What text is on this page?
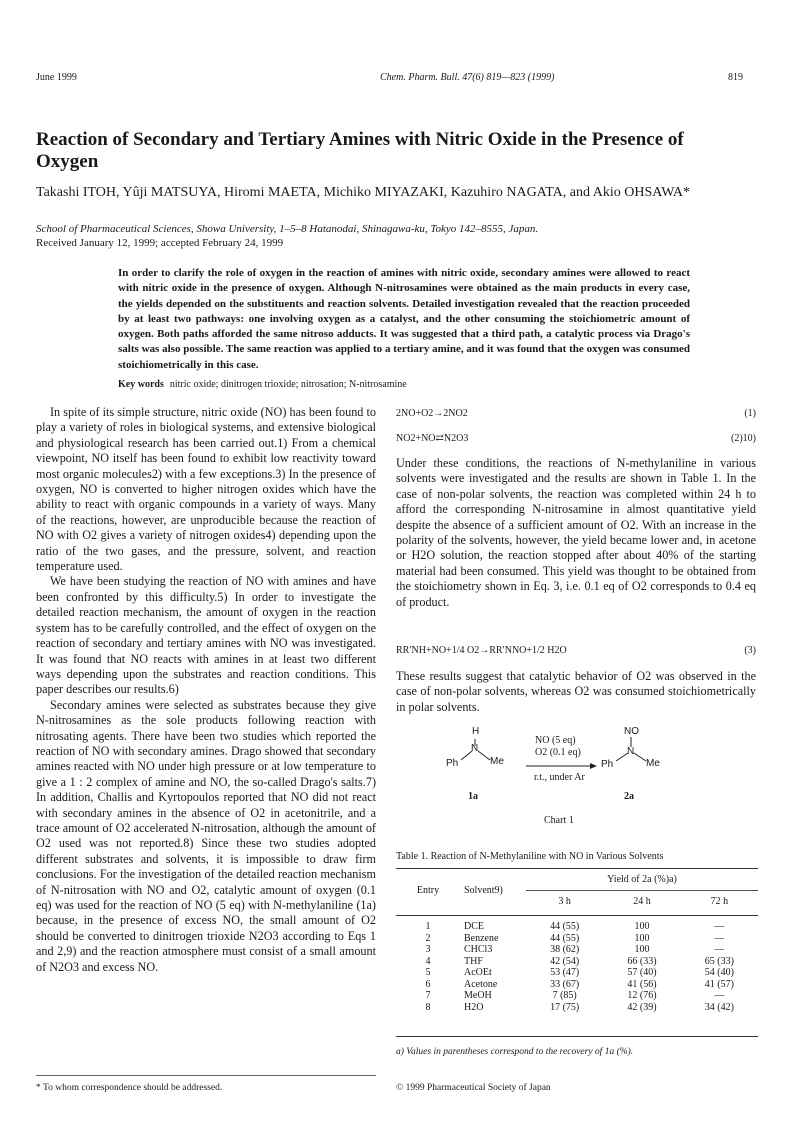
June 1999	Chem. Pharm. Bull. 47(6) 819—823 (1999)	819
Reaction of Secondary and Tertiary Amines with Nitric Oxide in the Presence of Oxygen
Takashi ITOH, Yûji MATSUYA, Hiromi MAETA, Michiko MIYAZAKI, Kazuhiro NAGATA, and Akio OHSAWA*
School of Pharmaceutical Sciences, Showa University, 1–5–8 Hatanodai, Shinagawa-ku, Tokyo 142–8555, Japan.
Received January 12, 1999; accepted February 24, 1999
In order to clarify the role of oxygen in the reaction of amines with nitric oxide, secondary amines were allowed to react with nitric oxide in the presence of oxygen. Although N-nitrosamines were obtained as the main products in every case, the yields depended on the substituents and reaction solvents. Detailed investigation revealed that the reaction proceeded by at least two pathways: one involving oxygen as a catalyst, and the other consuming the stoichiometric amount of oxygen. Both paths afforded the same nitroso adducts. It was suggested that a third path, a catalytic process via Drago's salts was also possible. The same reaction was applied to a tertiary amine, and it was found that the oxygen was consumed stoichiometrically in this case.
Key words nitric oxide; dinitrogen trioxide; nitrosation; N-nitrosamine

In spite of its simple structure, nitric oxide (NO) has been found to play a variety of roles in biological systems, and extensive biological and physiological research has been carried out.1) From a chemical viewpoint, NO itself has been found to exhibit low reactivity toward most organic molecules2) with a few exceptions.3) In the presence of oxygen, NO is converted to higher nitrogen oxides which have the ability to react with organic compounds in a variety of ways. Many of the reactions, however, are unproducible because the reaction of NO with O2 gives a variety of nitrogen oxides4) depending upon the ratio of the two gases, and the pressure, solvent, and reaction temperature used.

We have been studying the reaction of NO with amines and have been confronted by this difficulty.5) In order to investigate the detailed reaction mechanism, the amount of oxygen in the reaction system has to be carefully controlled, and the effect of oxygen on the reaction of secondary and tertiary amines with NO was investigated. It was found that NO reacts with amines in at least two different ways depending upon the substrates and reaction conditions. This paper describes our results.6)

Secondary amines were selected as substrates because they give N-nitrosamines as the sole products following reaction with nitrosating agents. There have been two studies which reported the reaction of NO with secondary amines. Drago showed that secondary amines reacted with NO under high pressure or at low temperature to give a 1 : 2 complex of amine and NO, the so-called Drago's salts.7) In addition, Challis and Kyrtopoulos reported that NO did not react with secondary amines in the absence of O2 in acetonitrile, and a trace amount of O2 accelerated N-nitrosation, although the amount of O2 used was not reported.8) Since these two studies adopted different substrates and solvents, it is impossible to draw firm conclusions. For the investigation of the detailed reaction mechanism of N-nitrosation with NO and O2, catalytic amount of oxygen (0.1 eq) was used for the reaction of NO (5 eq) with N-methylaniline (1a) because, in the presence of excess NO, the small amount of O2 should be converted to dinitrogen trioxide N2O3 according to Eqs 1 and 2,9) and the reaction atmosphere must consist of a small amount of N2O3 and excess NO.

* To whom correspondence should be addressed.
2NO+O2→2NO2	(1)
NO2+NO⇄N2O3	(2)10)
Under these conditions, the reactions of N-methylaniline in various solvents were investigated and the results are shown in Table 1. In the case of non-polar solvents, the reaction was completed within 24 h to afford the corresponding N-nitrosamine in almost quantitative yield despite the absence of a sufficient amount of O2. With an increase in the polarity of the solvents, however, the yield became lower and, in acetone or H2O solution, the reaction stopped after about 40% of the starting material had been consumed. This yield was thought to be obtained from the stoichiometry shown in Eq. 3, i.e. 0.1 eq of O2 corresponds to 0.4 eq of product.
RR′NH+NO+1/4 O2→RR′NNO+1/2 H2O	(3)
These results suggest that catalytic behavior of O2 was observed in the case of non-polar solvents, whereas O2 was consumed stoichiometrically in polar solvents.
H
N
Ph	Me
NO (5 eq)
O2 (0.1 eq)
r.t., under Ar
NO
N
Ph	Me
1a	2a
Chart 1
Table 1. Reaction of N-Methylaniline with NO in Various Solvents
Entry	Solvent9)	Yield of 2a (%)a)		
		3 h	24 h	72 h

1	DCE	44 (55)	100	—
2	Benzene	44 (55)	100	—
3	CHCl3	38 (62)	100	—
4	THF	42 (54)	66 (33)	65 (33)
5	AcOEt	53 (47)	57 (40)	54 (40)
6	Acetone	33 (67)	41 (56)	41 (57)
7	MeOH	7 (85)	12 (76)	—
8	H2O	17 (75)	42 (39)	34 (42)
a) Values in parentheses correspond to the recovery of 1a (%).
© 1999 Pharmaceutical Society of Japan
